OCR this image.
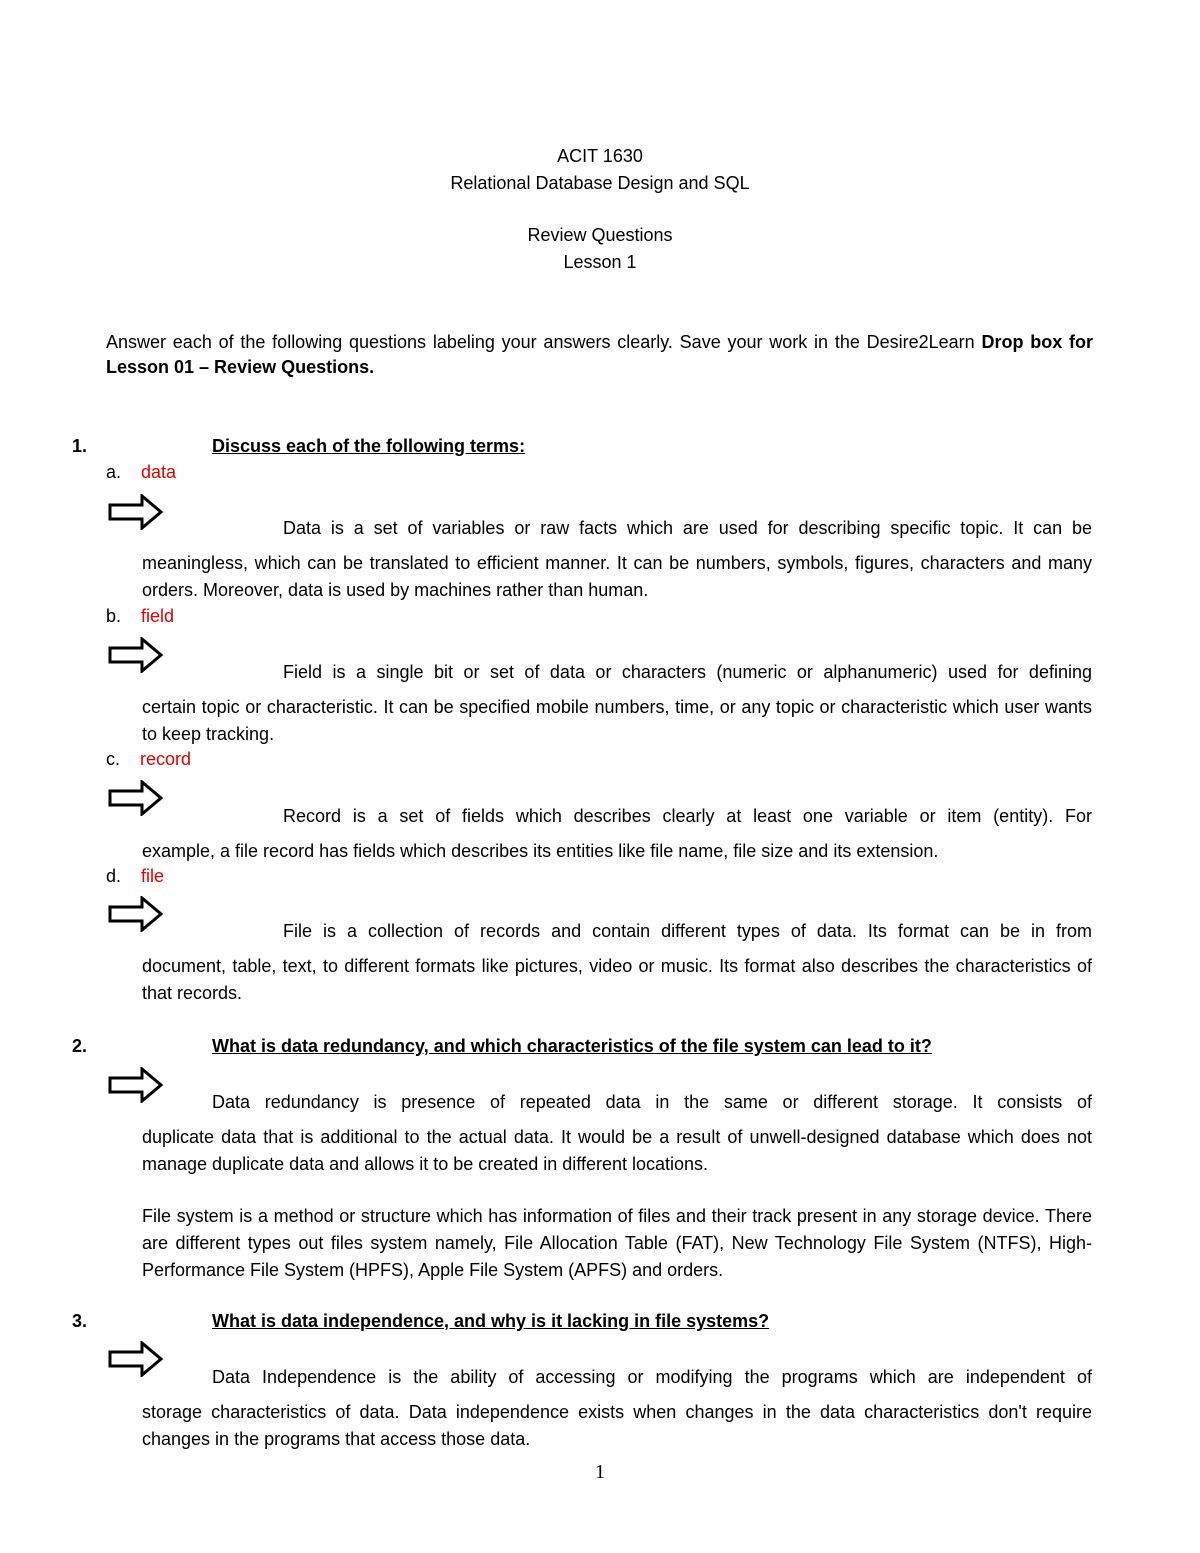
ACIT 1630
Relational Database Design and SQL
Review Questions
Lesson 1
Answer each of the following questions labeling your answers clearly. Save your work in the Desire2Learn Drop box for Lesson 01 – Review Questions.
1.	Discuss each of the following terms:
a. data
Data is a set of variables or raw facts which are used for describing specific topic. It can be
meaningless, which can be translated to efficient manner. It can be numbers, symbols, figures, characters and many orders. Moreover, data is used by machines rather than human.
b. field
Field is a single bit or set of data or characters (numeric or alphanumeric) used for defining
certain topic or characteristic. It can be specified mobile numbers, time, or any topic or characteristic which user wants to keep tracking.
c. record
Record is a set of fields which describes clearly at least one variable or item (entity). For
example, a file record has fields which describes its entities like file name, file size and its extension.
d. file
File is a collection of records and contain different types of data. Its format can be in from
document, table, text, to different formats like pictures, video or music. Its format also describes the characteristics of that records.
2.	What is data redundancy, and which characteristics of the file system can lead to it?
Data redundancy is presence of repeated data in the same or different storage. It consists of
duplicate data that is additional to the actual data. It would be a result of unwell-designed database which does not manage duplicate data and allows it to be created in different locations.
File system is a method or structure which has information of files and their track present in any storage device. There are different types out files system namely, File Allocation Table (FAT), New Technology File System (NTFS), High-Performance File System (HPFS), Apple File System (APFS) and orders.
3.	What is data independence, and why is it lacking in file systems?
Data Independence is the ability of accessing or modifying the programs which are independent of
storage characteristics of data. Data independence exists when changes in the data characteristics don't require changes in the programs that access those data.
1
